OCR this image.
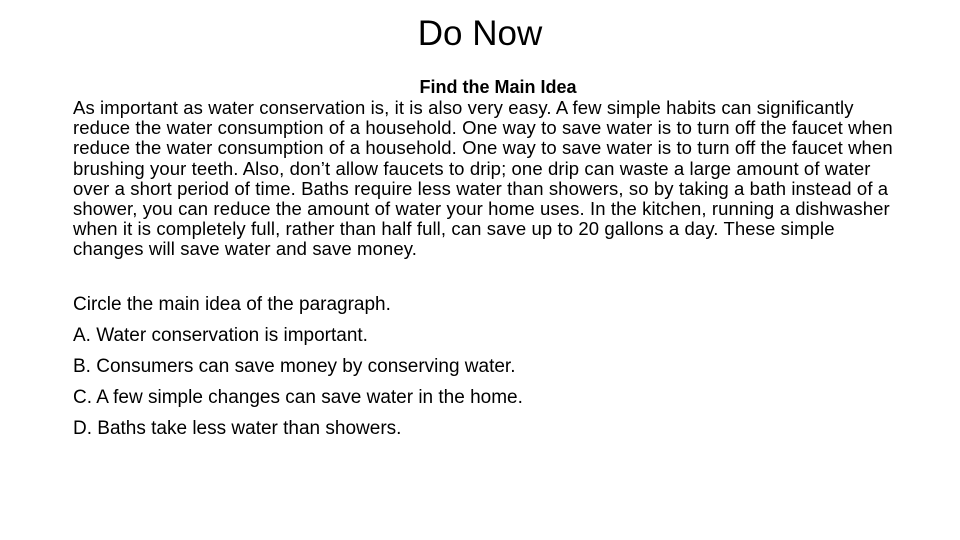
Do Now

Find the Main Idea

As important as water conservation is, it is also very easy. A few simple habits can significantly reduce the water consumption of a household. One way to save water is to turn off the faucet when reduce the water consumption of a household. One way to save water is to turn off the faucet when brushing your teeth. Also, don’t allow faucets to drip; one drip can waste a large amount of water over a short period of time. Baths require less water than showers, so by taking a bath instead of a shower, you can reduce the amount of water your home uses. In the kitchen, running a dishwasher when it is completely full, rather than half full, can save up to 20 gallons a day. These simple changes will save water and save money.

Circle the main idea of the paragraph.
A. Water conservation is important.
B. Consumers can save money by conserving water.
C. A few simple changes can save water in the home.
D. Baths take less water than showers.
